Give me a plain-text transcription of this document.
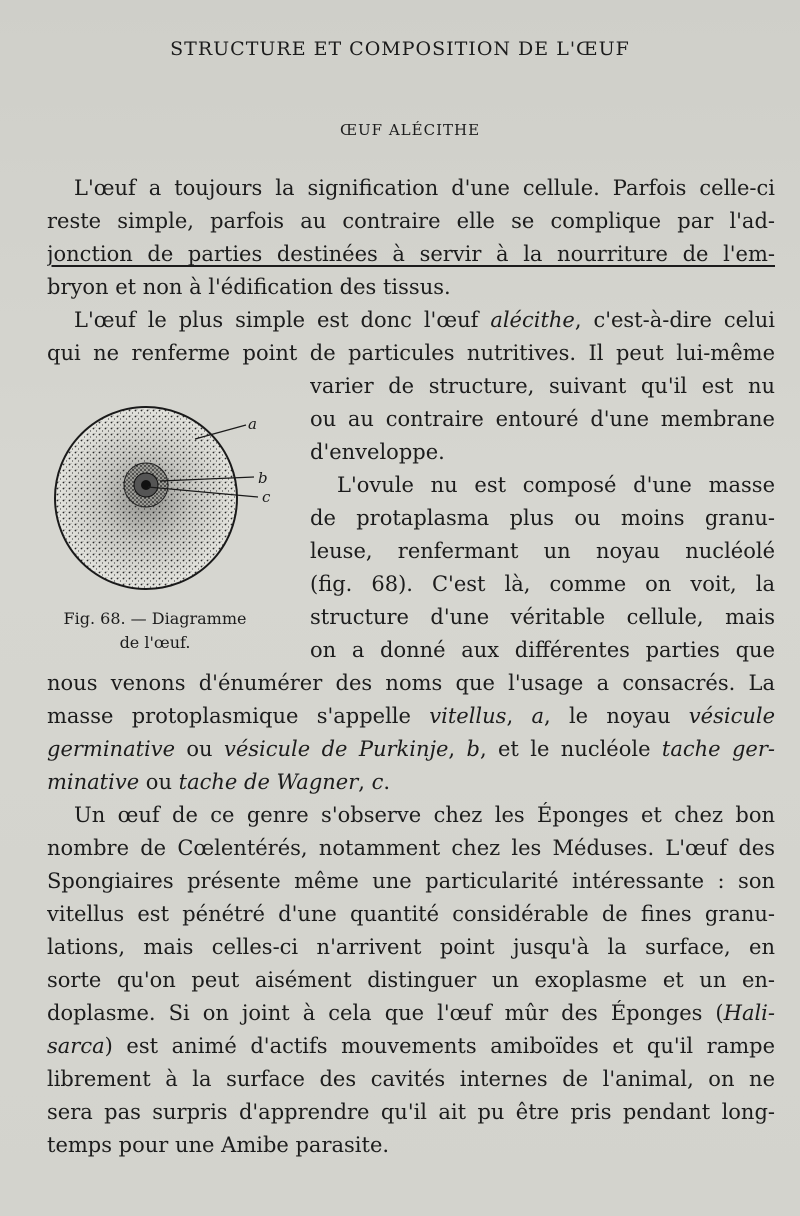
STRUCTURE ET COMPOSITION DE L'ŒUF
ŒUF ALÉCITHE
a
b
c
Fig. 68. — Diagramme
de l'œuf.
L'œuf a toujours la signification d'une cellule. Parfois celle-ci
reste simple, parfois au contraire elle se complique par l'ad-
jonction de parties destinées à servir à la nourriture de l'em-
bryon et non à l'édification des tissus.
L'œuf le plus simple est donc l'œuf alécithe, c'est-à-dire celui
qui ne renferme point de particules nutritives. Il peut lui-même
varier de structure, suivant qu'il est nu
ou au contraire entouré d'une membrane
d'enveloppe.
L'ovule nu est composé d'une masse
de protaplasma plus ou moins granu-
leuse, renfermant un noyau nucléolé
(fig. 68). C'est là, comme on voit, la
structure d'une véritable cellule, mais
on a donné aux différentes parties que
nous venons d'énumérer des noms que l'usage a consacrés. La
masse protoplasmique s'appelle vitellus, a, le noyau vésicule
germinative ou vésicule de Purkinje, b, et le nucléole tache ger-
minative ou tache de Wagner, c.
Un œuf de ce genre s'observe chez les Éponges et chez bon
nombre de Cœlentérés, notamment chez les Méduses. L'œuf des
Spongiaires présente même une particularité intéressante : son
vitellus est pénétré d'une quantité considérable de fines granu-
lations, mais celles-ci n'arrivent point jusqu'à la surface, en
sorte qu'on peut aisément distinguer un exoplasme et un en-
doplasme. Si on joint à cela que l'œuf mûr des Éponges (Hali-
sarca) est animé d'actifs mouvements amiboïdes et qu'il rampe
librement à la surface des cavités internes de l'animal, on ne
sera pas surpris d'apprendre qu'il ait pu être pris pendant long-
temps pour une Amibe parasite.
